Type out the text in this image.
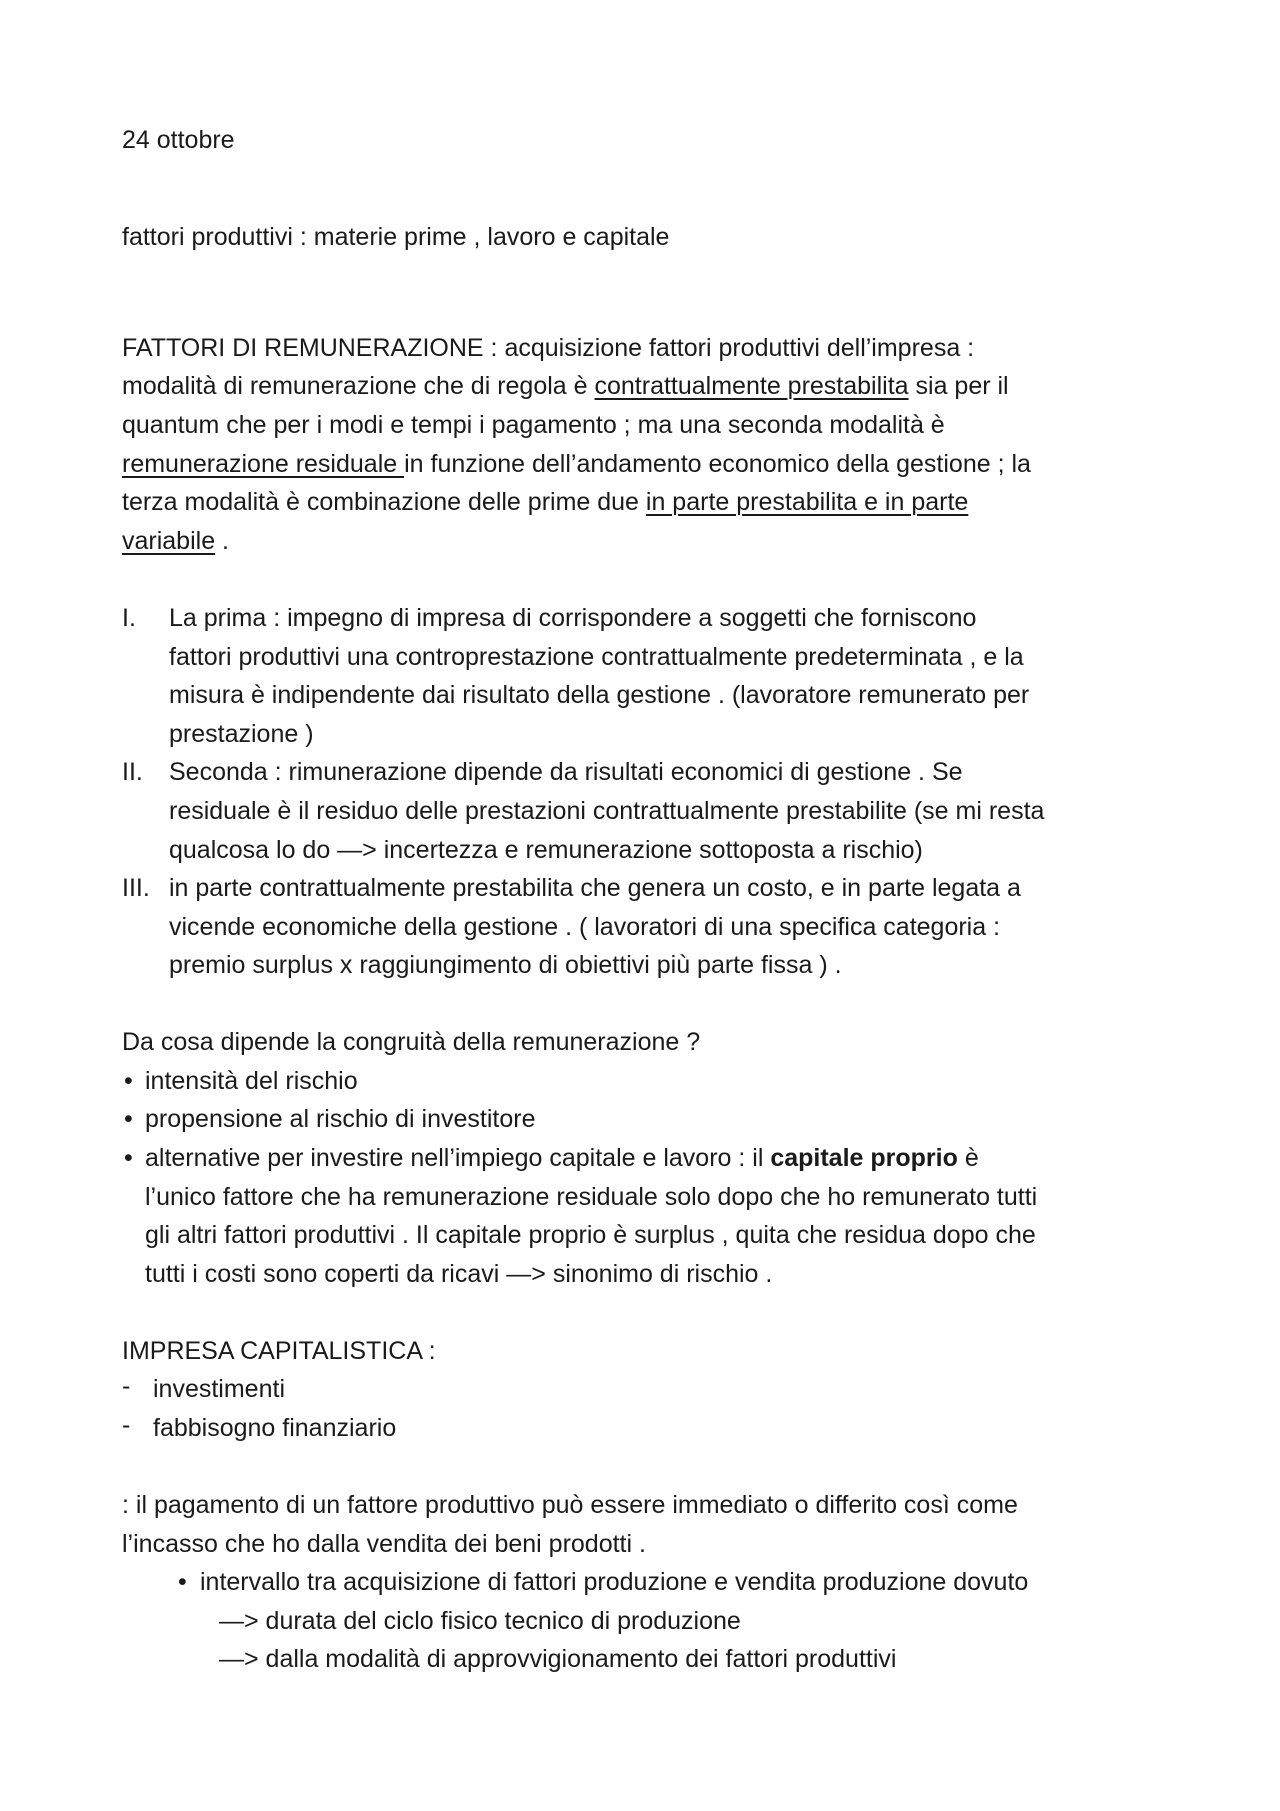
24 ottobre
fattori produttivi : materie prime , lavoro e capitale
FATTORI DI REMUNERAZIONE : acquisizione fattori produttivi dell’impresa :
modalità di remunerazione che di regola è contrattualmente prestabilita sia per il
quantum che per i modi e tempi i pagamento ; ma una seconda modalità è
remunerazione residuale in funzione dell’andamento economico della gestione ; la
terza modalità è combinazione delle prime due in parte prestabilita e in parte
variabile .
I. La prima : impegno di impresa di corrispondere a soggetti che forniscono
fattori produttivi una controprestazione contrattualmente predeterminata , e la
misura è indipendente dai risultato della gestione . (lavoratore remunerato per
prestazione )
II. Seconda : rimunerazione dipende da risultati economici di gestione . Se
residuale è il residuo delle prestazioni contrattualmente prestabilite (se mi resta
qualcosa lo do —> incertezza e remunerazione sottoposta a rischio)
III. in parte contrattualmente prestabilita che genera un costo, e in parte legata a
vicende economiche della gestione . ( lavoratori di una specifica categoria :
premio surplus x raggiungimento di obiettivi più parte fissa ) .
Da cosa dipende la congruità della remunerazione ?
• intensità del rischio
• propensione al rischio di investitore
• alternative per investire nell’impiego capitale e lavoro : il capitale proprio è
l’unico fattore che ha remunerazione residuale solo dopo che ho remunerato tutti
gli altri fattori produttivi . Il capitale proprio è surplus , quita che residua dopo che
tutti i costi sono coperti da ricavi —> sinonimo di rischio .
IMPRESA CAPITALISTICA :
- investimenti
- fabbisogno finanziario
: il pagamento di un fattore produttivo può essere immediato o differito così come
l’incasso che ho dalla vendita dei beni prodotti .
• intervallo tra acquisizione di fattori produzione e vendita produzione dovuto
—> durata del ciclo fisico tecnico di produzione
—> dalla modalità di approvvigionamento dei fattori produttivi
